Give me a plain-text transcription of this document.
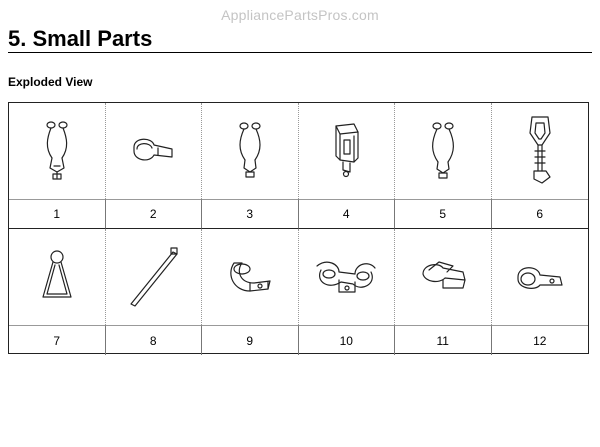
AppliancePartsPros.com
5. Small Parts
Exploded View
1	2	3	4	5	6
7	8	9	10	11	12
